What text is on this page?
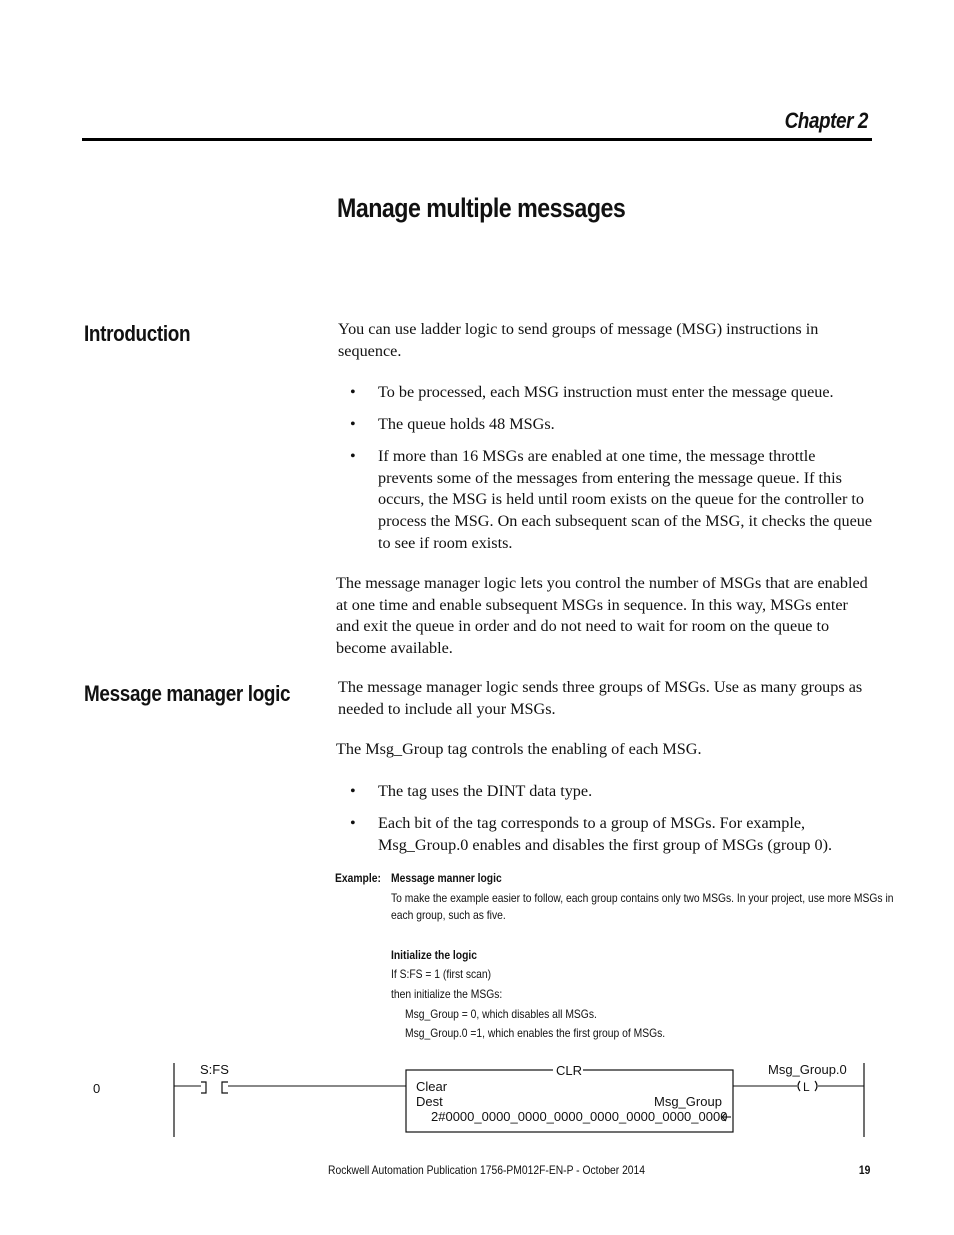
Chapter 2
Manage multiple messages
Introduction	You can use ladder logic to send groups of message (MSG) instructions in sequence.

• To be processed, each MSG instruction must enter the message queue.
• The queue holds 48 MSGs.
• If more than 16 MSGs are enabled at one time, the message throttle prevents some of the messages from entering the message queue. If this occurs, the MSG is held until room exists on the queue for the controller to process the MSG. On each subsequent scan of the MSG, it checks the queue to see if room exists.

The message manager logic lets you control the number of MSGs that are enabled at one time and enable subsequent MSGs in sequence. In this way, MSGs enter and exit the queue in order and do not need to wait for room on the queue to become available.

Message manager logic	The message manager logic sends three groups of MSGs. Use as many groups as needed to include all your MSGs.

The Msg_Group tag controls the enabling of each MSG.

• The tag uses the DINT data type.
• Each bit of the tag corresponds to a group of MSGs. For example, Msg_Group.0 enables and disables the first group of MSGs (group 0).
Example: Message manner logic
To make the example easier to follow, each group contains only two MSGs. In your project, use more MSGs in
each group, such as five.
Initialize the logic
If S:FS = 1 (first scan)
then initialize the MSGs:
Msg_Group = 0, which disables all MSGs.
Msg_Group.0 =1, which enables the first group of MSGs.
0
S:FS	CLR
Clear
Dest	Msg_Group
2#0000_0000_0000_0000_0000_0000_0000_0000
Msg_Group.0
L
Rockwell Automation Publication 1756-PM012F-EN-P - October 2014	19
